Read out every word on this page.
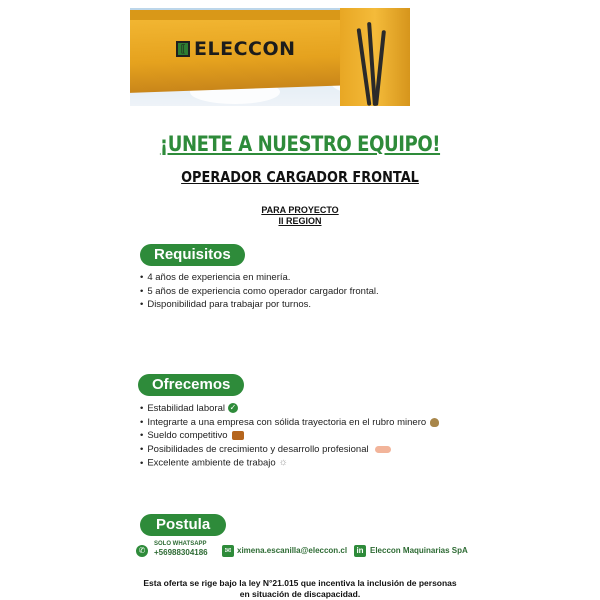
⟦ ELECCON
¡UNETE A NUESTRO EQUIPO!
OPERADOR CARGADOR FRONTAL
PARA PROYECTO
II REGION
Requisitos
• 4 años de experiencia en minería.
• 5 años de experiencia como operador cargador frontal.
• Disponibilidad para trabajar por turnos.
Ofrecemos
• Estabilidad laboral ✓
• Integrarte a una empresa con sólida trayectoria en el rubro minero
• Sueldo competitivo
• Posibilidades de crecimiento y desarrollo profesional
• Excelente ambiente de trabajo ☼
Postula
✆
SOLO WHATSAPP
+56988304186	✉ ximena.escanilla@eleccon.cl	in Eleccon Maquinarias SpA
Esta oferta se rige bajo la ley N°21.015 que incentiva la inclusión de personas
en situación de discapacidad.
